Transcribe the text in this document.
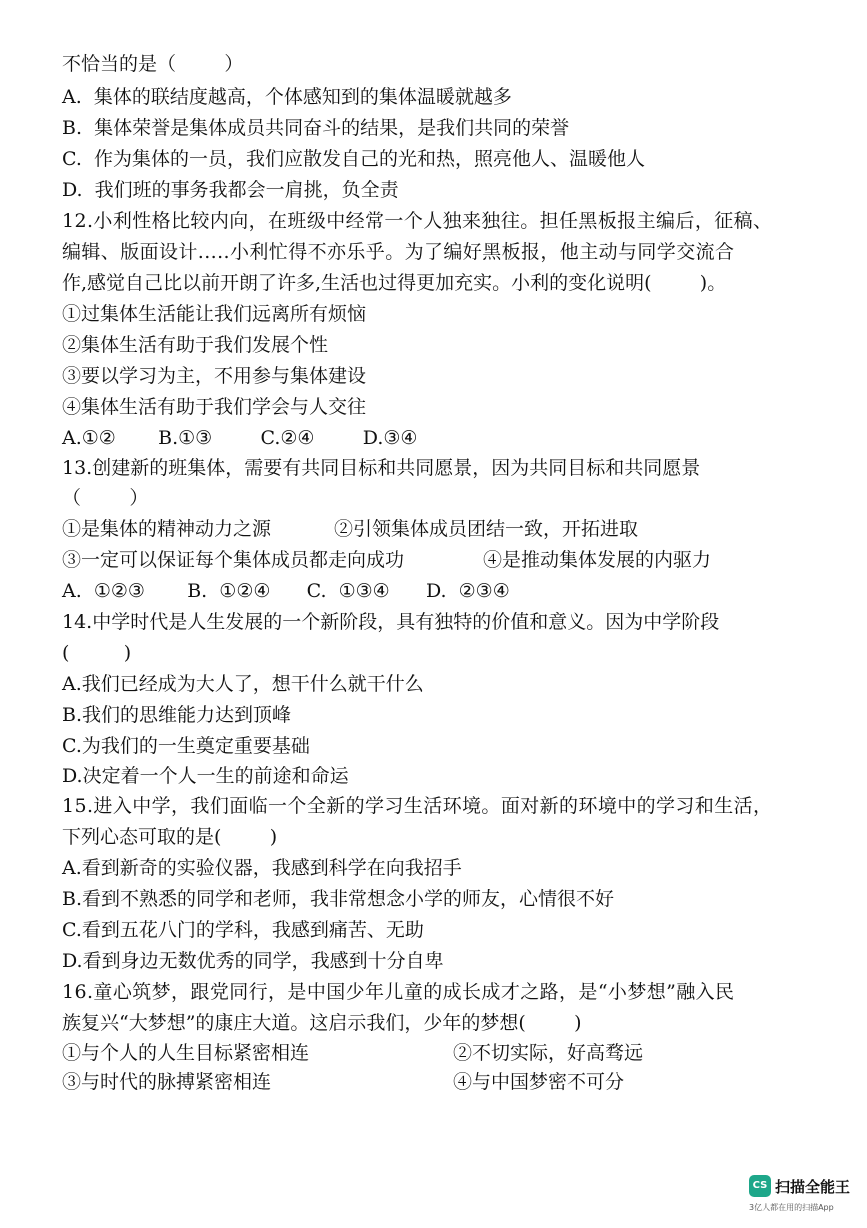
不恰当的是（        ）
A.  集体的联结度越高，个体感知到的集体温暖就越多
B.  集体荣誉是集体成员共同奋斗的结果，是我们共同的荣誉
C.  作为集体的一员，我们应散发自己的光和热，照亮他人、温暖他人
D.  我们班的事务我都会一肩挑，负全责
12.小利性格比较内向，在班级中经常一个人独来独往。担任黑板报主编后，征稿、
编辑、版面设计.....小利忙得不亦乐乎。为了编好黑板报，他主动与同学交流合
作,感觉自己比以前开朗了许多,生活也过得更加充实。小利的变化说明(        )。
①过集体生活能让我们远离所有烦恼
②集体生活有助于我们发展个性
③要以学习为主，不用参与集体建设
④集体生活有助于我们学会与人交往
A.①②       B.①③        C.②④        D.③④
13.创建新的班集体，需要有共同目标和共同愿景，因为共同目标和共同愿景
（        ）
①是集体的精神动力之源	②引领集体成员团结一致，开拓进取
③一定可以保证每个集体成员都走向成功	④是推动集体发展的内驱力
A.  ①②③       B.  ①②④      C.  ①③④      D.  ②③④
14.中学时代是人生发展的一个新阶段，具有独特的价值和意义。因为中学阶段
(         )
A.我们已经成为大人了，想干什么就干什么
B.我们的思维能力达到顶峰
C.为我们的一生奠定重要基础
D.决定着一个人一生的前途和命运
15.进入中学，我们面临一个全新的学习生活环境。面对新的环境中的学习和生活，
下列心态可取的是(        )
A.看到新奇的实验仪器，我感到科学在向我招手
B.看到不熟悉的同学和老师，我非常想念小学的师友，心情很不好
C.看到五花八门的学科，我感到痛苦、无助
D.看到身边无数优秀的同学，我感到十分自卑
16.童心筑梦，跟党同行，是中国少年儿童的成长成才之路，是“小梦想”融入民
族复兴“大梦想”的康庄大道。这启示我们，少年的梦想(        )
①与个人的人生目标紧密相连	②不切实际，好高骛远
③与时代的脉搏紧密相连	④与中国梦密不可分
CS 扫描全能王
3亿人都在用的扫描App
